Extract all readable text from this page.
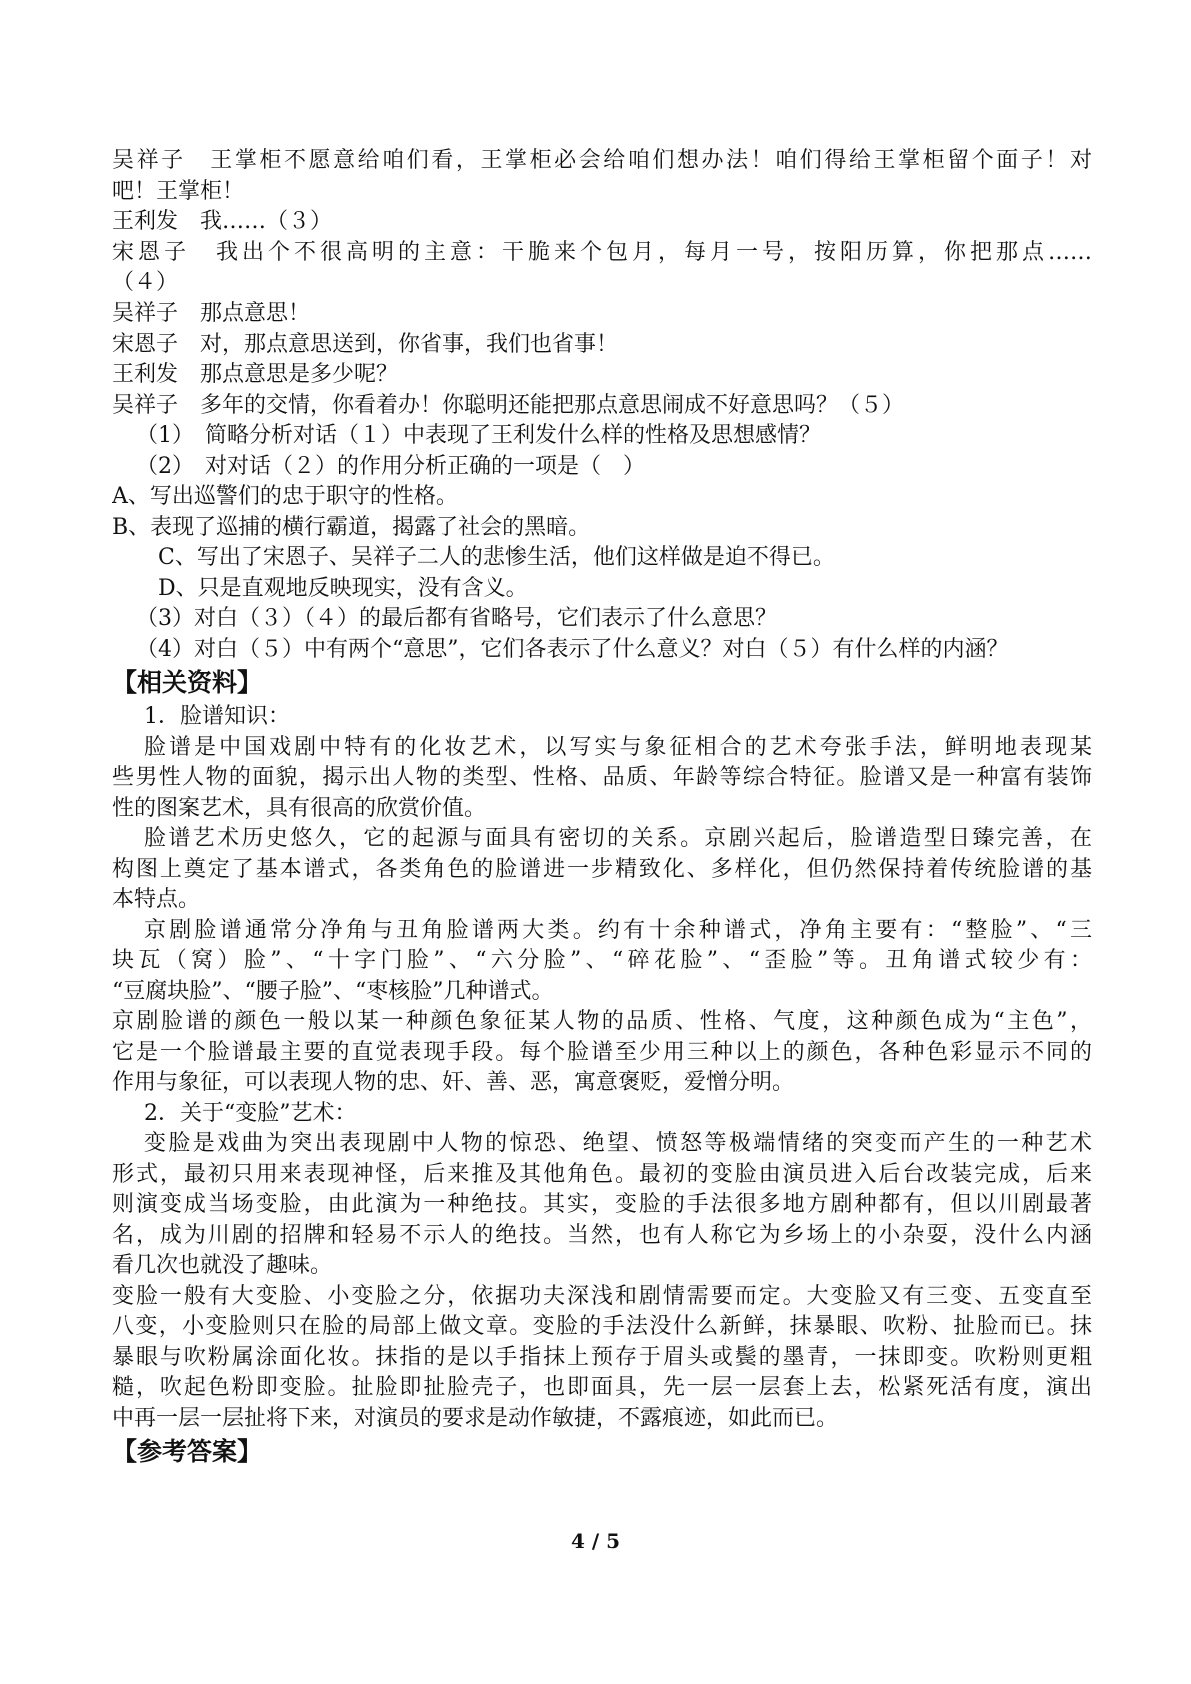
吴祥子　王掌柜不愿意给咱们看，王掌柜必会给咱们想办法！咱们得给王掌柜留个面子！对
吧！王掌柜！
王利发　我……（３）
宋恩子　我出个不很高明的主意：干脆来个包月，每月一号，按阳历算，你把那点……
（４）
吴祥子　那点意思！
宋恩子　对，那点意思送到，你省事，我们也省事！
王利发　那点意思是多少呢？
吴祥子　多年的交情，你看着办！你聪明还能把那点意思闹成不好意思吗？（５）
（1）　简略分析对话（１）中表现了王利发什么样的性格及思想感情？
（2）　对对话（２）的作用分析正确的一项是（　）
A、写出巡警们的忠于职守的性格。
B、表现了巡捕的横行霸道，揭露了社会的黑暗。
C、写出了宋恩子、吴祥子二人的悲惨生活，他们这样做是迫不得已。
D、只是直观地反映现实，没有含义。
（3）对白（３）（４）的最后都有省略号，它们表示了什么意思？
（4）对白（５）中有两个“意思”，它们各表示了什么意义？对白（５）有什么样的内涵？
【相关资料】
1．脸谱知识：
脸谱是中国戏剧中特有的化妆艺术，以写实与象征相合的艺术夸张手法，鲜明地表现某
些男性人物的面貌，揭示出人物的类型、性格、品质、年龄等综合特征。脸谱又是一种富有装饰
性的图案艺术，具有很高的欣赏价值。
脸谱艺术历史悠久，它的起源与面具有密切的关系。京剧兴起后，脸谱造型日臻完善，在
构图上奠定了基本谱式，各类角色的脸谱进一步精致化、多样化，但仍然保持着传统脸谱的基
本特点。
京剧脸谱通常分净角与丑角脸谱两大类。约有十余种谱式，净角主要有：“整脸”、“三
块瓦（窝）脸”、“十字门脸”、“六分脸”、“碎花脸”、“歪脸”等。丑角谱式较少有：
“豆腐块脸”、“腰子脸”、“枣核脸”几种谱式。
京剧脸谱的颜色一般以某一种颜色象征某人物的品质、性格、气度，这种颜色成为“主色”，
它是一个脸谱最主要的直觉表现手段。每个脸谱至少用三种以上的颜色，各种色彩显示不同的
作用与象征，可以表现人物的忠、奸、善、恶，寓意褒贬，爱憎分明。
2．关于“变脸”艺术：
变脸是戏曲为突出表现剧中人物的惊恐、绝望、愤怒等极端情绪的突变而产生的一种艺术
形式，最初只用来表现神怪，后来推及其他角色。最初的变脸由演员进入后台改装完成，后来
则演变成当场变脸，由此演为一种绝技。其实，变脸的手法很多地方剧种都有，但以川剧最著
名，成为川剧的招牌和轻易不示人的绝技。当然，也有人称它为乡场上的小杂耍，没什么内涵
看几次也就没了趣味。
变脸一般有大变脸、小变脸之分，依据功夫深浅和剧情需要而定。大变脸又有三变、五变直至
八变，小变脸则只在脸的局部上做文章。变脸的手法没什么新鲜，抹暴眼、吹粉、扯脸而已。抹
暴眼与吹粉属涂面化妆。抹指的是以手指抹上预存于眉头或鬓的墨青，一抹即变。吹粉则更粗
糙，吹起色粉即变脸。扯脸即扯脸壳子，也即面具，先一层一层套上去，松紧死活有度，演出
中再一层一层扯将下来，对演员的要求是动作敏捷，不露痕迹，如此而已。
【参考答案】
4 / 5
